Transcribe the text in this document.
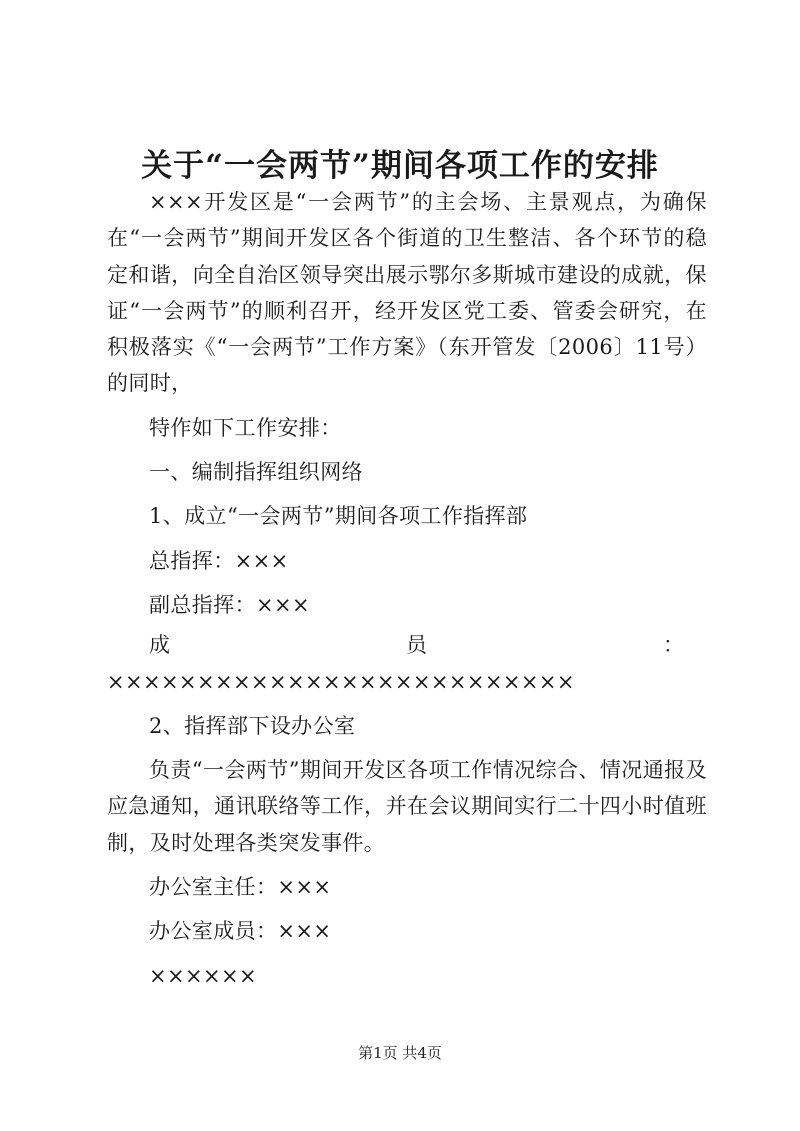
关于“一会两节”期间各项工作的安排

×××开发区是“一会两节”的主会场、主景观点，为确保在“一会两节”期间开发区各个街道的卫生整洁、各个环节的稳定和谐，向全自治区领导突出展示鄂尔多斯城市建设的成就，保证“一会两节”的顺利召开，经开发区党工委、管委会研究，在积极落实《“一会两节”工作方案》（东开管发〔2006〕11号）的同时，

特作如下工作安排：

一、编制指挥组织网络

1、成立“一会两节”期间各项工作指挥部

总指挥：×××

副总指挥：×××

成	员	：

××××××××××××××××××××××××××

2、指挥部下设办公室

负责“一会两节”期间开发区各项工作情况综合、情况通报及应急通知，通讯联络等工作，并在会议期间实行二十四小时值班制，及时处理各类突发事件。

办公室主任：×××

办公室成员：×××

××××××

第1页 共4页
